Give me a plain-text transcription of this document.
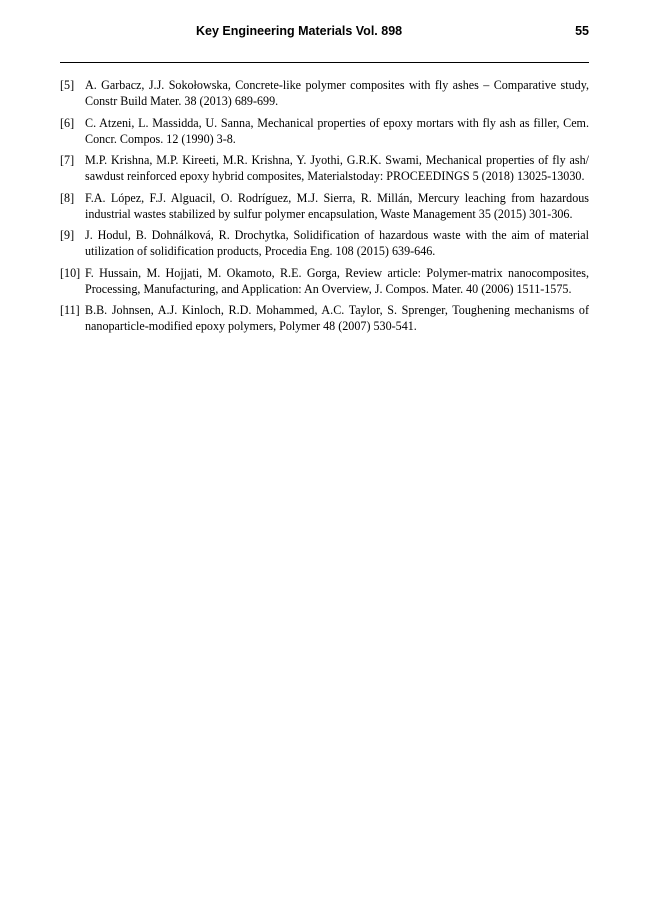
Key Engineering Materials Vol. 898	55
[5] A. Garbacz, J.J. Sokołowska, Concrete-like polymer composites with fly ashes – Comparative study, Constr Build Mater. 38 (2013) 689-699.
[6] C. Atzeni, L. Massidda, U. Sanna, Mechanical properties of epoxy mortars with fly ash as filler, Cem. Concr. Compos. 12 (1990) 3-8.
[7] M.P. Krishna, M.P. Kireeti, M.R. Krishna, Y. Jyothi, G.R.K. Swami, Mechanical properties of fly ash/ sawdust reinforced epoxy hybrid composites, Materialstoday: PROCEEDINGS 5 (2018) 13025-13030.
[8] F.A. López, F.J. Alguacil, O. Rodríguez, M.J. Sierra, R. Millán, Mercury leaching from hazardous industrial wastes stabilized by sulfur polymer encapsulation, Waste Management 35 (2015) 301-306.
[9] J. Hodul, B. Dohnálková, R. Drochytka, Solidification of hazardous waste with the aim of material utilization of solidification products, Procedia Eng. 108 (2015) 639-646.
[10] F. Hussain, M. Hojjati, M. Okamoto, R.E. Gorga, Review article: Polymer-matrix nanocomposites, Processing, Manufacturing, and Application: An Overview, J. Compos. Mater. 40 (2006) 1511-1575.
[11] B.B. Johnsen, A.J. Kinloch, R.D. Mohammed, A.C. Taylor, S. Sprenger, Toughening mechanisms of nanoparticle-modified epoxy polymers, Polymer 48 (2007) 530-541.
